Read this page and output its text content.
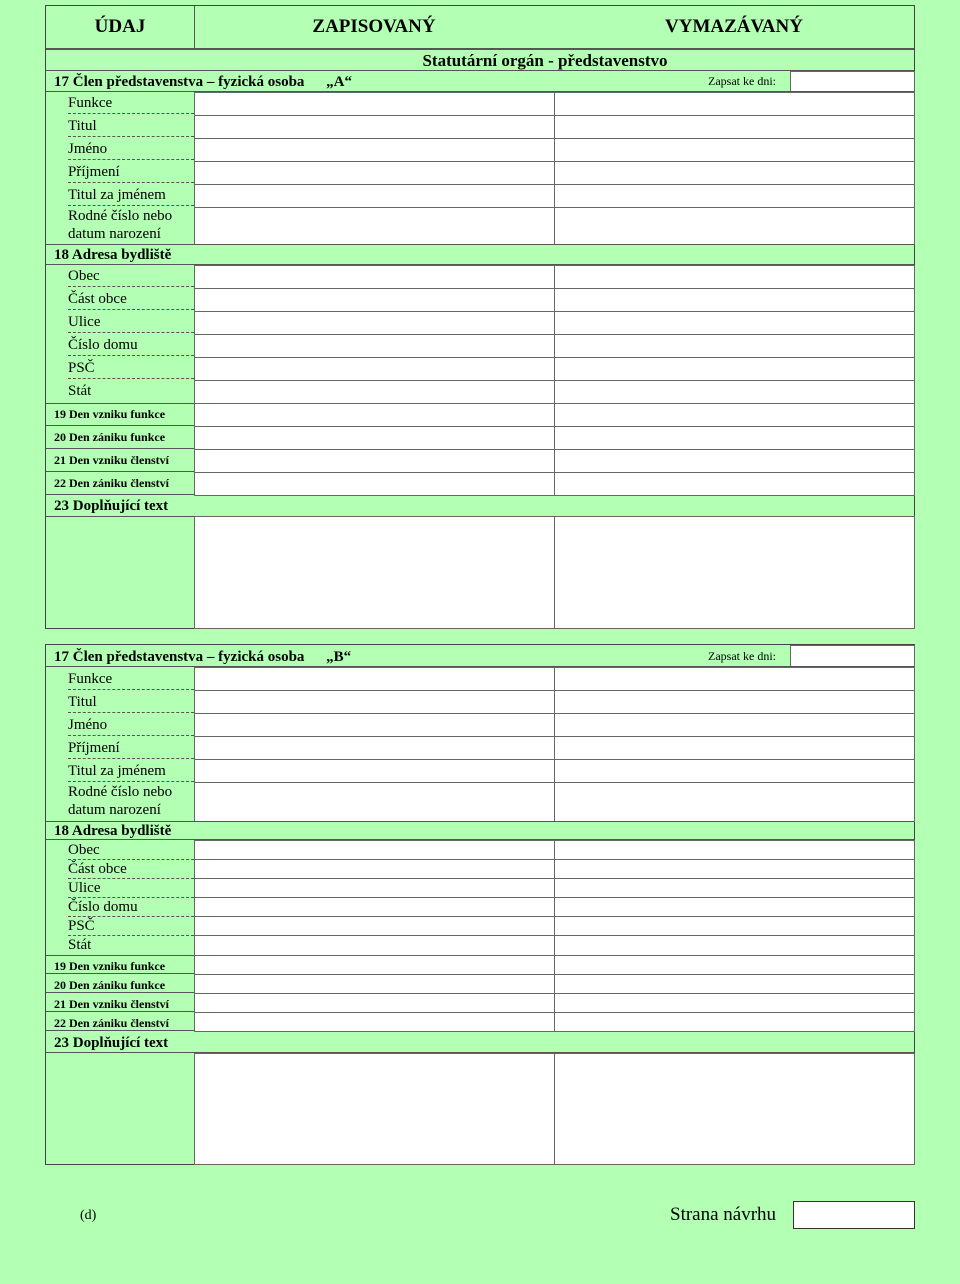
ÚDAJ	ZAPISOVANÝ	VYMAZÁVANÝ
Statutární orgán - představenstvo
17 Člen představenstva – fyzická osoba „A“	Zapsat ke dni:
Funkce
Titul
Jméno
Příjmení
Titul za jménem
Rodné číslo nebo
datum narození
18 Adresa bydliště
Obec
Část obce
Ulice
Číslo domu
PSČ
Stát
19 Den vzniku funkce
20 Den zániku funkce
21 Den vzniku členství
22 Den zániku členství
23 Doplňující text
17 Člen představenstva – fyzická osoba „B“	Zapsat ke dni:
Funkce
Titul
Jméno
Příjmení
Titul za jménem
Rodné číslo nebo
datum narození
18 Adresa bydliště
Obec
Část obce
Ulice
Číslo domu
PSČ
Stát
19 Den vzniku funkce
20 Den zániku funkce
21 Den vzniku členství
22 Den zániku členství
23 Doplňující text
(d)	Strana návrhu
